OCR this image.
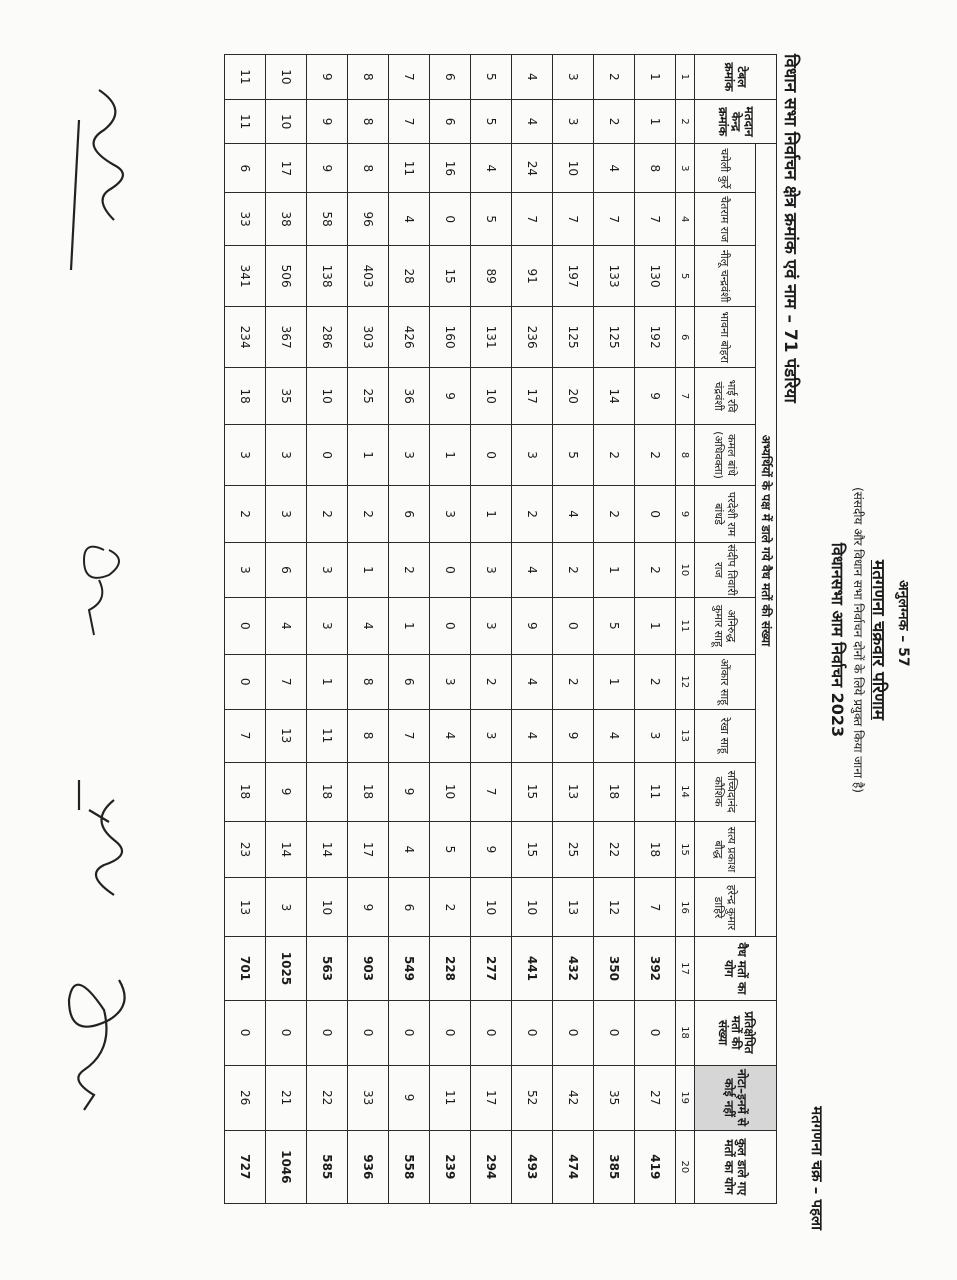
अनुलग्नक – 57
मतगणना चक्रवार परिणाम
(संसदीय और विधान सभा निर्वाचन दोनों के लिये प्रयुक्त किया जाना है)
विधानसभा आम निर्वाचन 2023
मतगणना चक्र – पहला
विधान सभा निर्वाचन क्षेत्र क्रमांक एवं नाम – 71 पंडरिया
टेबल क्रमांक	मतदान केन्द्र क्रमांक	अभ्यर्थियों के पक्ष में डाले गये वैध मतों की संख्या														वैध मतों का योग	प्रतिक्षेपित मतों की संख्या	नोटा–इनमें से कोई नहीं	कुल डाले गए मतों का योग
		चमेली कुर्रे	चैतराम राज	नीलू चन्द्रवंशी	भावना बोहरा	भाई रवि चंद्रवंशी	कमल बांधे (अधिवक्ता)	परदेशी राम बांधडे	संदीप तिवारी राज	अनिरुद्ध कुमार साहू	ओंकार साहू	रेखा साहू	सच्चिदानंद कौशिक	सत्य प्रकाश बौद्ध	हरेन्द्र कुमार डाहिरे				
1	2	3	4	5	6	7	8	9	10	11	12	13	14	15	16	17	18	19	20
1	1	8	7	130	192	9	2	0	2	1	2	3	11	18	7	392	0	27	419
2	2	4	7	133	125	14	2	2	1	5	1	4	18	22	12	350	0	35	385
3	3	10	7	197	125	20	5	4	2	0	2	9	13	25	13	432	0	42	474
4	4	24	7	91	236	17	3	2	4	9	4	4	15	15	10	441	0	52	493
5	5	4	5	89	131	10	0	1	3	3	2	3	7	9	10	277	0	17	294
6	6	16	0	15	160	9	1	3	0	0	3	4	10	5	2	228	0	11	239
7	7	11	4	28	426	36	3	6	2	1	6	7	9	4	6	549	0	9	558
8	8	8	96	403	303	25	1	2	1	4	8	8	18	17	9	903	0	33	936
9	9	9	58	138	286	10	0	2	3	3	1	11	18	14	10	563	0	22	585
10	10	17	38	506	367	35	3	3	6	4	7	13	9	14	3	1025	0	21	1046
11	11	6	33	341	234	18	3	2	3	0	0	7	18	23	13	701	0	26	727
